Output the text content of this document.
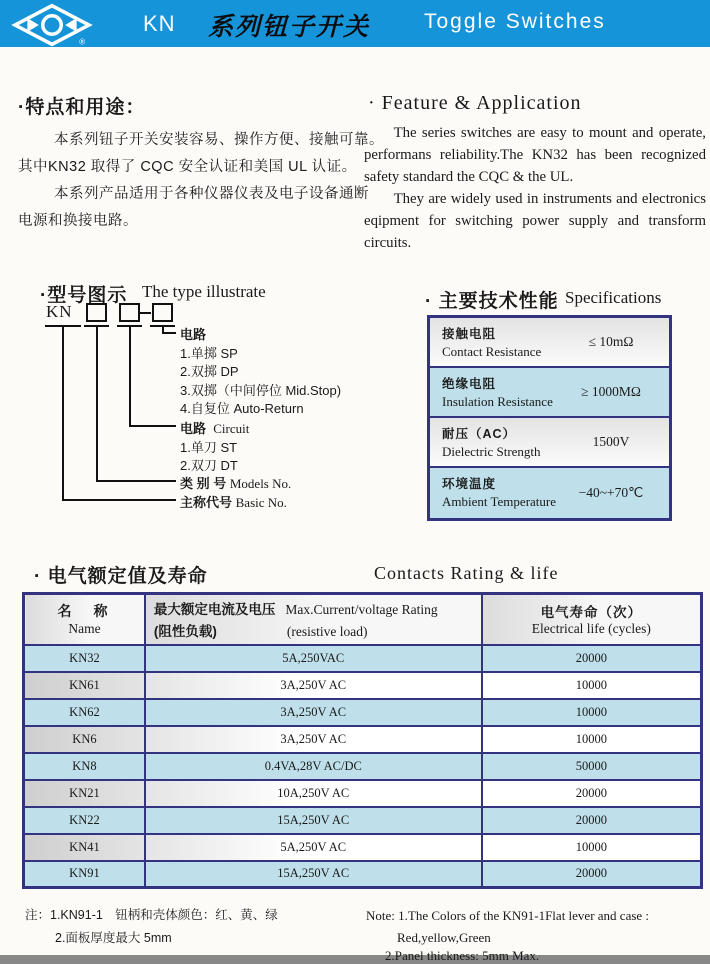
®
KN 系列钮子开关	Toggle Switches
·特点和用途：
本系列钮子开关安装容易、操作方便、接触可靠。
其中KN32 取得了 CQC 安全认证和美国 UL 认证。
本系列产品适用于各种仪器仪表及电子设备通断
电源和换接电路。
· Feature & Application
The series switches are easy to mount and operate, performans reliability.The KN32 has been recognized safety standard the CQC & the UL.
They are widely used in instruments and electronics eqipment for switching power supply and transform circuits.
·型号图示 The type illustrate
KN
电路
1.单掷 SP
2.双掷 DP
3.双掷（中间停位 Mid.Stop)
4.自复位 Auto-Return
电路 Circuit
1.单刀 ST
2.双刀 DT
类 别 号 Models No.
主称代号 Basic No.
· 主要技术性能 Specifications
接触电阻
Contact Resistance
≤ 10mΩ
绝缘电阻
Insulation Resistance
≥ 1000MΩ
耐压（AC）
Dielectric Strength
1500V
环境温度
Ambient Temperature
−40~+70℃
· 电气额定值及寿命	Contacts Rating & life
名　称
Name

最大额定电流及电压 Max.Current/voltage Rating
(阻性负载)	(resistive load)

电气寿命（次）
Electrical life (cycles)

KN32	5A,250VAC	20000
KN61	3A,250V AC	10000
KN62	3A,250V AC	10000
KN6	3A,250V AC	10000
KN8	0.4VA,28V AC/DC	50000
KN21	10A,250V AC	20000
KN22	15A,250V AC	20000
KN41	5A,250V AC	10000
KN91	15A,250V AC	20000
注：1.KN91-1　钮柄和壳体颜色：红、黄、绿
2.面板厚度最大 5mm
Note: 1.The Colors of the KN91-1Flat lever and case :
Red,yellow,Green
2.Panel thickness: 5mm Max.
